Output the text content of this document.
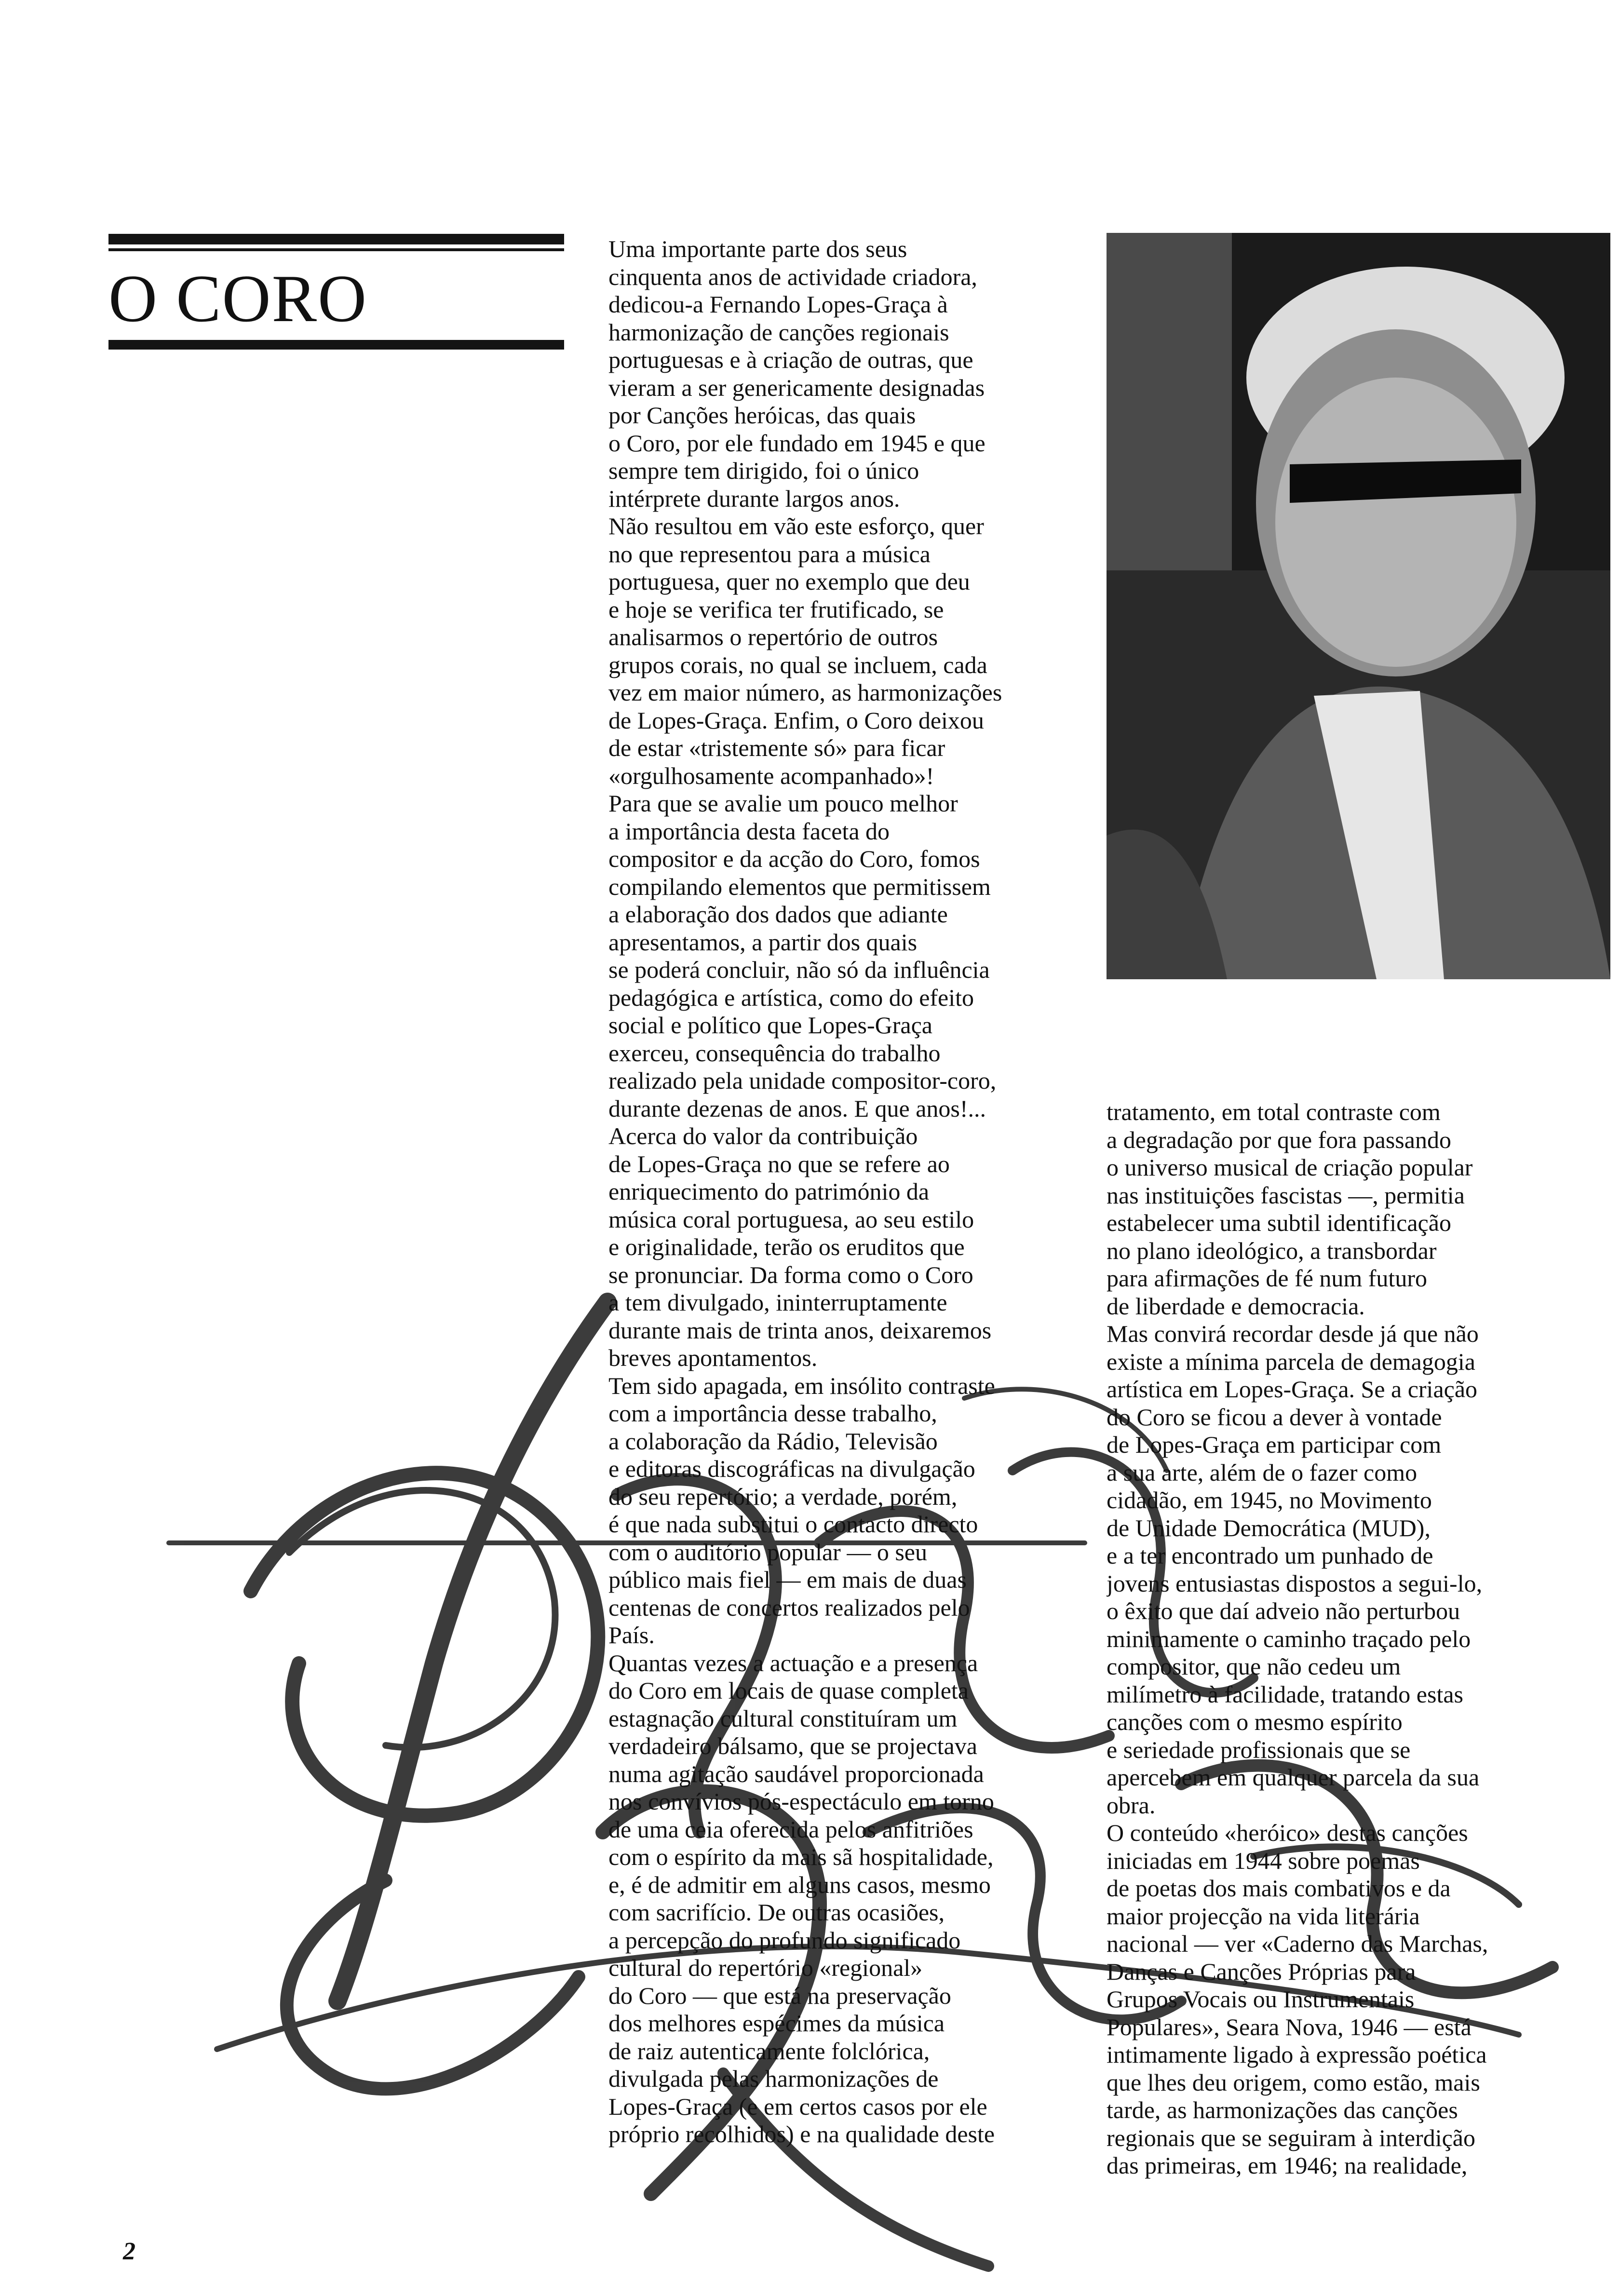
O CORO
Uma importante parte dos seus
cinquenta anos de actividade criadora,
dedicou-a Fernando Lopes-Graça à
harmonização de canções regionais
portuguesas e à criação de outras, que
vieram a ser genericamente designadas
por Canções heróicas, das quais
o Coro, por ele fundado em 1945 e que
sempre tem dirigido, foi o único
intérprete durante largos anos.
Não resultou em vão este esforço, quer
no que representou para a música
portuguesa, quer no exemplo que deu
e hoje se verifica ter frutificado, se
analisarmos o repertório de outros
grupos corais, no qual se incluem, cada
vez em maior número, as harmonizações
de Lopes-Graça. Enfim, o Coro deixou
de estar «tristemente só» para ficar
«orgulhosamente acompanhado»!
Para que se avalie um pouco melhor
a importância desta faceta do
compositor e da acção do Coro, fomos
compilando elementos que permitissem
a elaboração dos dados que adiante
apresentamos, a partir dos quais
se poderá concluir, não só da influência
pedagógica e artística, como do efeito
social e político que Lopes-Graça
exerceu, consequência do trabalho
realizado pela unidade compositor-coro,
durante dezenas de anos. E que anos!...
Acerca do valor da contribuição
de Lopes-Graça no que se refere ao
enriquecimento do património da
música coral portuguesa, ao seu estilo
e originalidade, terão os eruditos que
se pronunciar. Da forma como o Coro
a tem divulgado, ininterruptamente
durante mais de trinta anos, deixaremos
breves apontamentos.
Tem sido apagada, em insólito contraste
com a importância desse trabalho,
a colaboração da Rádio, Televisão
e editoras discográficas na divulgação
do seu repertório; a verdade, porém,
é que nada substitui o contacto directo
com o auditório popular — o seu
público mais fiel — em mais de duas
centenas de concertos realizados pelo
País.
Quantas vezes a actuação e a presença
do Coro em locais de quase completa
estagnação cultural constituíram um
verdadeiro bálsamo, que se projectava
numa agitação saudável proporcionada
nos convívios pós-espectáculo em torno
de uma ceia oferecida pelos anfitriões
com o espírito da mais sã hospitalidade,
e, é de admitir em alguns casos, mesmo
com sacrifício. De outras ocasiões,
a percepção do profundo significado
cultural do repertório «regional»
do Coro — que está na preservação
dos melhores espécimes da música
de raiz autenticamente folclórica,
divulgada pelas harmonizações de
Lopes-Graça (e em certos casos por ele
próprio recolhidos) e na qualidade deste
tratamento, em total contraste com
a degradação por que fora passando
o universo musical de criação popular
nas instituições fascistas —, permitia
estabelecer uma subtil identificação
no plano ideológico, a transbordar
para afirmações de fé num futuro
de liberdade e democracia.
Mas convirá recordar desde já que não
existe a mínima parcela de demagogia
artística em Lopes-Graça. Se a criação
do Coro se ficou a dever à vontade
de Lopes-Graça em participar com
a sua arte, além de o fazer como
cidadão, em 1945, no Movimento
de Unidade Democrática (MUD),
e a ter encontrado um punhado de
jovens entusiastas dispostos a segui-lo,
o êxito que daí adveio não perturbou
minimamente o caminho traçado pelo
compositor, que não cedeu um
milímetro à facilidade, tratando estas
canções com o mesmo espírito
e seriedade profissionais que se
apercebem em qualquer parcela da sua
obra.
O conteúdo «heróico» destas canções
iniciadas em 1944 sobre poemas
de poetas dos mais combativos e da
maior projecção na vida literária
nacional — ver «Caderno das Marchas,
Danças e Canções Próprias para
Grupos Vocais ou Instrumentais
Populares», Seara Nova, 1946 — está
intimamente ligado à expressão poética
que lhes deu origem, como estão, mais
tarde, as harmonizações das canções
regionais que se seguiram à interdição
das primeiras, em 1946; na realidade,
2
